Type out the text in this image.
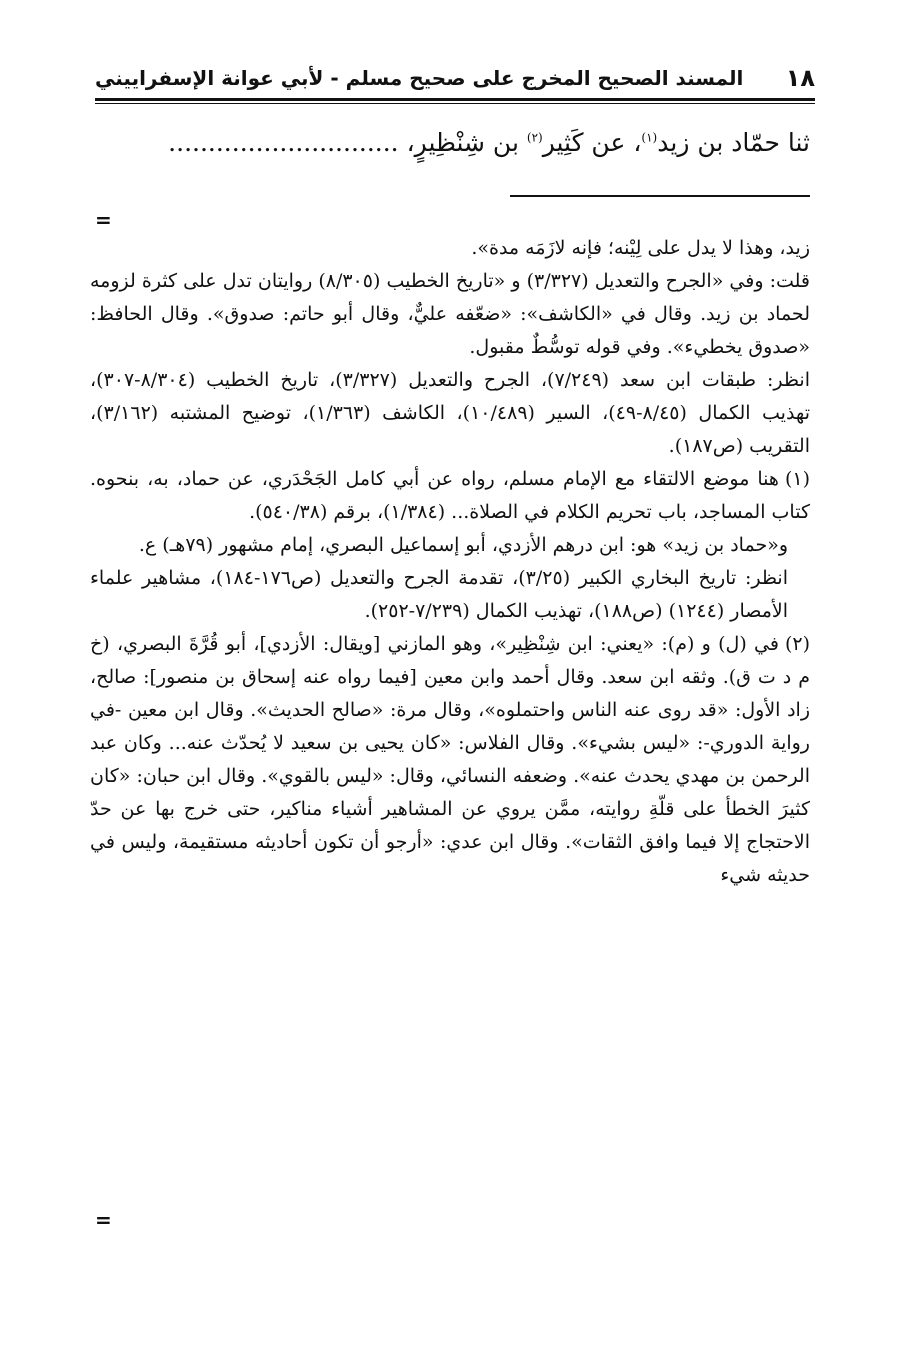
١٨
المسند الصحيح المخرج على صحيح مسلم - لأبي عوانة الإسفراييني
ثنا حمّاد بن زيد$^{(١)}$، عن كَثِير$^{(٢)}$ بن شِنْظِيرٍ، .............................
=

زيد، وهذا لا يدل على لِيْنه؛ فإنه لازَمَه مدة».

قلت: وفي «الجرح والتعديل (٣/٣٢٧) و «تاريخ الخطيب (٨/٣٠٥) روايتان تدل على كثرة لزومه لحماد بن زيد. وقال في «الكاشف»: «ضعّفه عليٌّ، وقال أبو حاتم: صدوق». وقال الحافظ: «صدوق يخطيء». وفي قوله توسُّطٌ مقبول.

انظر: طبقات ابن سعد (٧/٢٤٩)، الجرح والتعديل (٣/٣٢٧)، تاريخ الخطيب (٨/٣٠٤-٣٠٧)، تهذيب الكمال (٨/٤٥-٤٩)، السير (١٠/٤٨٩)، الكاشف (١/٣٦٣)، توضيح المشتبه (٣/١٦٢)، التقريب (ص١٨٧).

(١)هنا موضع الالتقاء مع الإمام مسلم، رواه عن أبي كامل الجَحْدَري، عن حماد، به، بنحوه. كتاب المساجد، باب تحريم الكلام في الصلاة... (١/٣٨٤)، برقم (٥٤٠/٣٨).

و«حماد بن زيد» هو: ابن درهم الأزدي، أبو إسماعيل البصري، إمام مشهور (٧٩هـ) ع.

انظر: تاريخ البخاري الكبير (٣/٢٥)، تقدمة الجرح والتعديل (ص١٧٦-١٨٤)، مشاهير علماء الأمصار (١٢٤٤) (ص١٨٨)، تهذيب الكمال (٧/٢٣٩-٢٥٢).

(٢)في (ل) و (م): «يعني: ابن شِنْظِير»، وهو المازني [ويقال: الأزدي]، أبو قُرَّةَ البصري، (خ م د ت ق). وثقه ابن سعد. وقال أحمد وابن معين [فيما رواه عنه إسحاق بن منصور]: صالح، زاد الأول: «قد روى عنه الناس واحتملوه»، وقال مرة: «صالح الحديث». وقال ابن معين -في رواية الدوري-: «ليس بشيء». وقال الفلاس: «كان يحيى بن سعيد لا يُحدّث عنه... وكان عبد الرحمن بن مهدي يحدث عنه». وضعفه النسائي، وقال: «ليس بالقوي». وقال ابن حبان: «كان كثيرَ الخطأ على قلّةِ روايته، ممَّن يروي عن المشاهير أشياء مناكير، حتى خرج بها عن حدّ الاحتجاج إلا فيما وافق الثقات». وقال ابن عدي: «أرجو أن تكون أحاديثه مستقيمة، وليس في حديثه شيء

=
